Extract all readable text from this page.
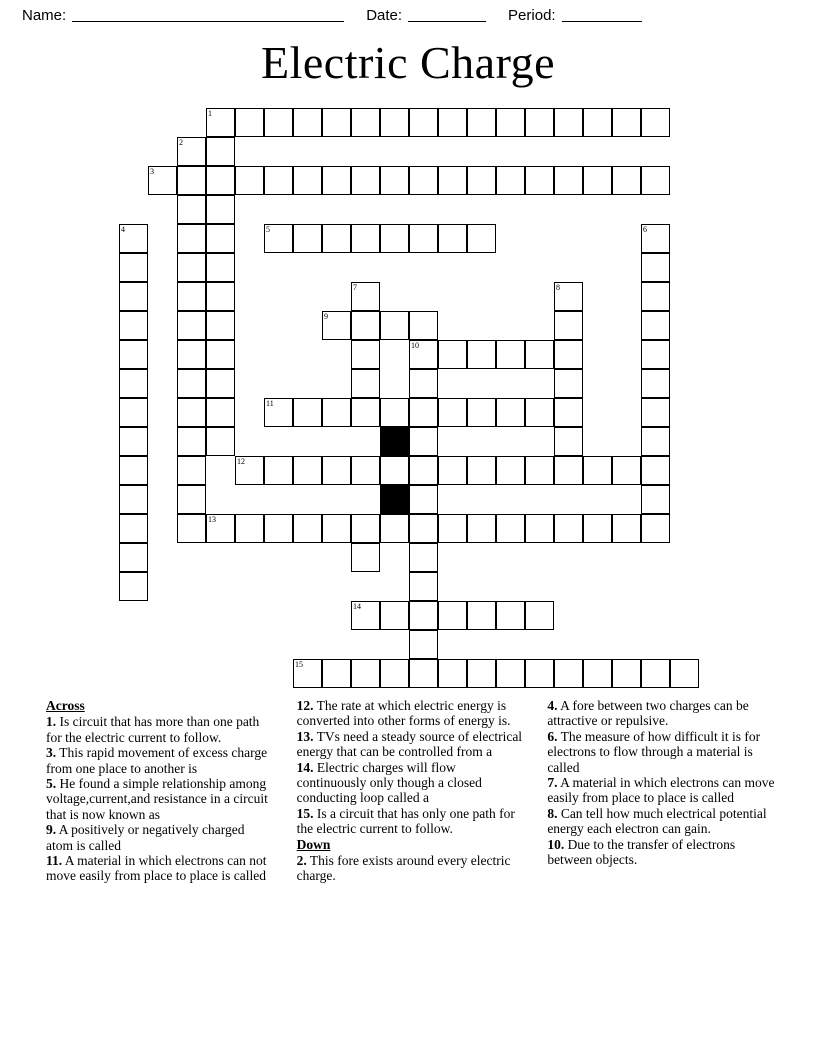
Name:	Date:	Period:
Electric Charge
1
2
3
4	5	6
7	8
9
10
11
12
13
14
15
Across
1. Is circuit that has more than one path for the electric current to follow.
3. This rapid movement of excess charge from one place to another is
5. He found a simple relationship among voltage,current,and resistance in a circuit that is now known as
9. A positively or negatively charged atom is called
11. A material in which electrons can not move easily from place to place is called
12. The rate at which electric energy is converted into other forms of energy is.
13. TVs need a steady source of electrical energy that can be controlled from a
14. Electric charges will flow continuously only though a closed conducting loop called a
15. Is a circuit that has only one path for the electric current to follow.
Down
2. This fore exists around every electric charge.
4. A fore between two charges can be attractive or repulsive.
6. The measure of how difficult it is for electrons to flow through a material is called
7. A material in which electrons can move easily from place to place is called
8. Can tell how much electrical potential energy each electron can gain.
10. Due to the transfer of electrons between objects.
